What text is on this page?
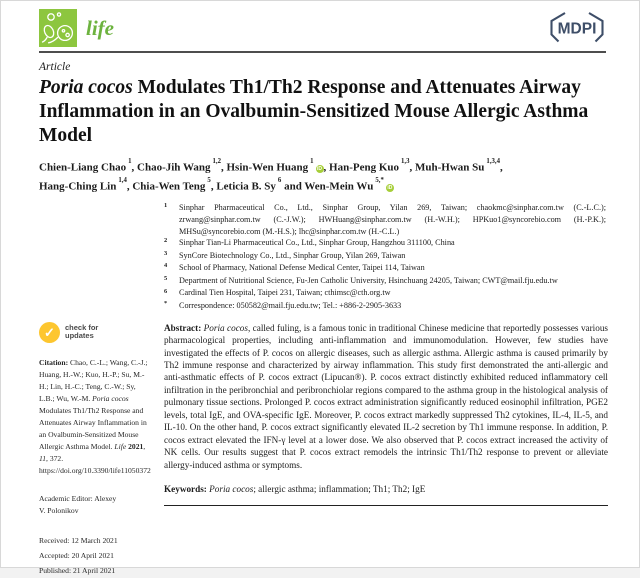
life	MDPI
Article
Poria cocos Modulates Th1/Th2 Response and Attenuates Airway Inflammation in an Ovalbumin-Sensitized Mouse Allergic Asthma Model
Chien-Liang Chao$^1$, Chao-Jih Wang$^{1,2}$, Hsin-Wen Huang$^1$iD , Han-Peng Kuo$^{1,3}$, Muh-Hwan Su$^{1,3,4}$,
Hang-Ching Lin$^{1,4}$, Chia-Wen Teng$^5$, Leticia B. Sy$^6$ and Wen-Mein $Wu^{5,*}iD$
$^1$	Sinphar Pharmaceutical Co., Ltd., Sinphar Group, Yilan 269, Taiwan; chaokmc@sinphar.com.tw (C.-L.C.); zrwang@sinphar.com.tw (C.-J.W.); HWHuang@sinphar.com.tw (H.-W.H.); HPKuo1@syncorebio.com (H.-P.K.); MHSu@syncorebio.com (M.-H.S.); lhc@sinphar.com.tw (H.-C.L.)
$^2$	Sinphar Tian-Li Pharmaceutical Co., Ltd., Sinphar Group, Hangzhou 311100, China
$^3$	SynCore Biotechnology Co., Ltd., Sinphar Group, Yilan 269, Taiwan
$^4$	School of Pharmacy, National Defense Medical Center, Taipei 114, Taiwan
$^5$	Department of Nutritional Science, Fu-Jen Catholic University, Hsinchuang 24205, Taiwan; CWT@mail.fju.edu.tw
$^6$	Cardinal Tien Hospital, Taipei 231, Taiwan; cthimsc@cth.org.tw
*	Correspondence: 050582@mail.fju.edu.tw; Tel.: +886-2-2905-3633
✓	check for
updates
Citation: Chao, C.-L.; Wang, C.-J.; Huang, H.-W.; Kuo, H.-P.; Su, M.-H.; Lin, H.-C.; Teng, C.-W.; Sy, L.B.; Wu, W.-M. Poria cocos Modulates Th1/Th2 Response and Attenuates Airway Inflammation in an Ovalbumin-Sensitized Mouse Allergic Asthma Model. Life 2021, 11, 372. https://doi.org/10.3390/life11050372
Academic Editor: Alexey
V. Polonikov
Received: 12 March 2021
Accepted: 20 April 2021
Published: 21 April 2021

Abstract: Poria cocos, called fuling, is a famous tonic in traditional Chinese medicine that reportedly possesses various pharmacological properties, including anti-inflammation and immunomodulation. However, few studies have investigated the effects of P. cocos on allergic diseases, such as allergic asthma. Allergic asthma is caused primarily by Th2 immune response and characterized by airway inflammation. This study first demonstrated the anti-allergic and anti-asthmatic effects of P. cocos extract (Lipucan®). P. cocos extract distinctly exhibited reduced inflammatory cell infiltration in the peribronchial and peribronchiolar regions compared to the asthma group in the histological analysis of pulmonary tissue sections. Prolonged P. cocos extract administration significantly reduced eosinophil infiltration, PGE2 levels, total IgE, and OVA-specific IgE. Moreover, P. cocos extract markedly suppressed Th2 cytokines, IL-4, IL-5, and IL-10. On the other hand, P. cocos extract significantly elevated IL-2 secretion by Th1 immune response. In addition, P. cocos extract elevated the IFN-γ level at a lower dose. We also observed that P. cocos extract increased the activity of NK cells. Our results suggest that P. cocos extract remodels the intrinsic Th1/Th2 response to prevent or alleviate allergy-induced asthma or symptoms.

Keywords: Poria cocos; allergic asthma; inflammation; Th1; Th2; IgE
